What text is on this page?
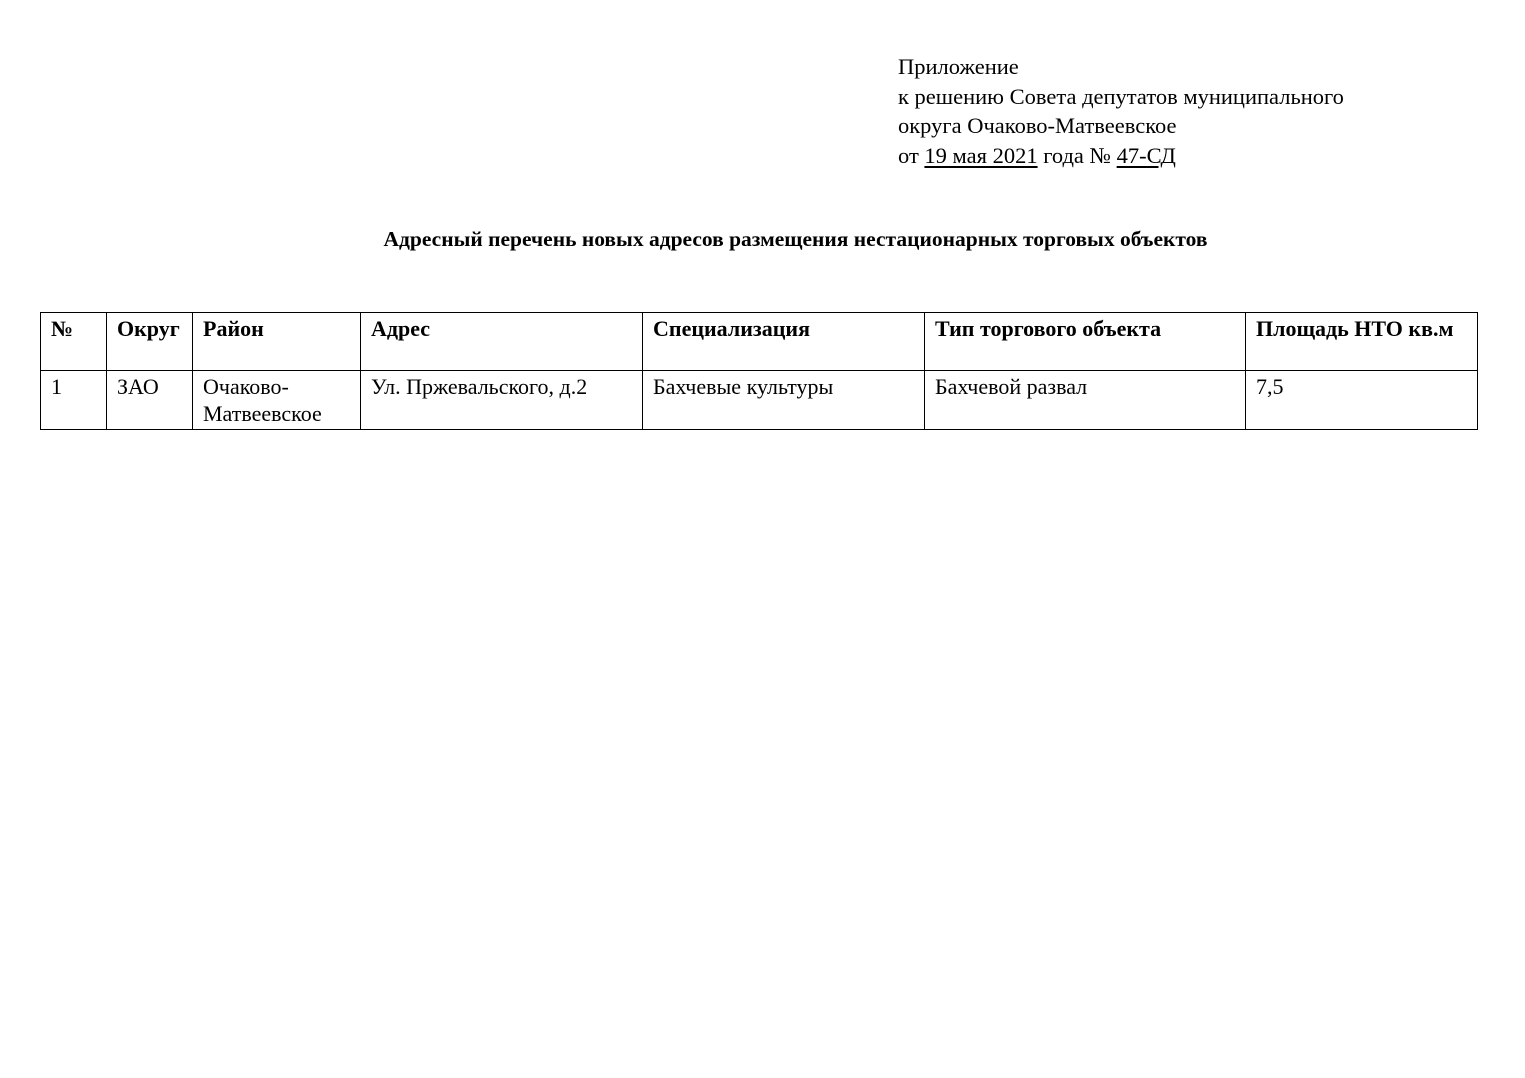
Приложение
к решению Совета депутатов муниципального
округа Очаково-Матвеевское
от 19 мая 2021 года № 47-СД
Адресный перечень новых адресов размещения нестационарных торговых объектов
№	Округ	Район	Адрес	Специализация	Тип торгового объекта	Площадь НТО кв.м
1	ЗАО	Очаково-Матвеевское	Ул. Пржевальского, д.2	Бахчевые культуры	Бахчевой развал	7,5
